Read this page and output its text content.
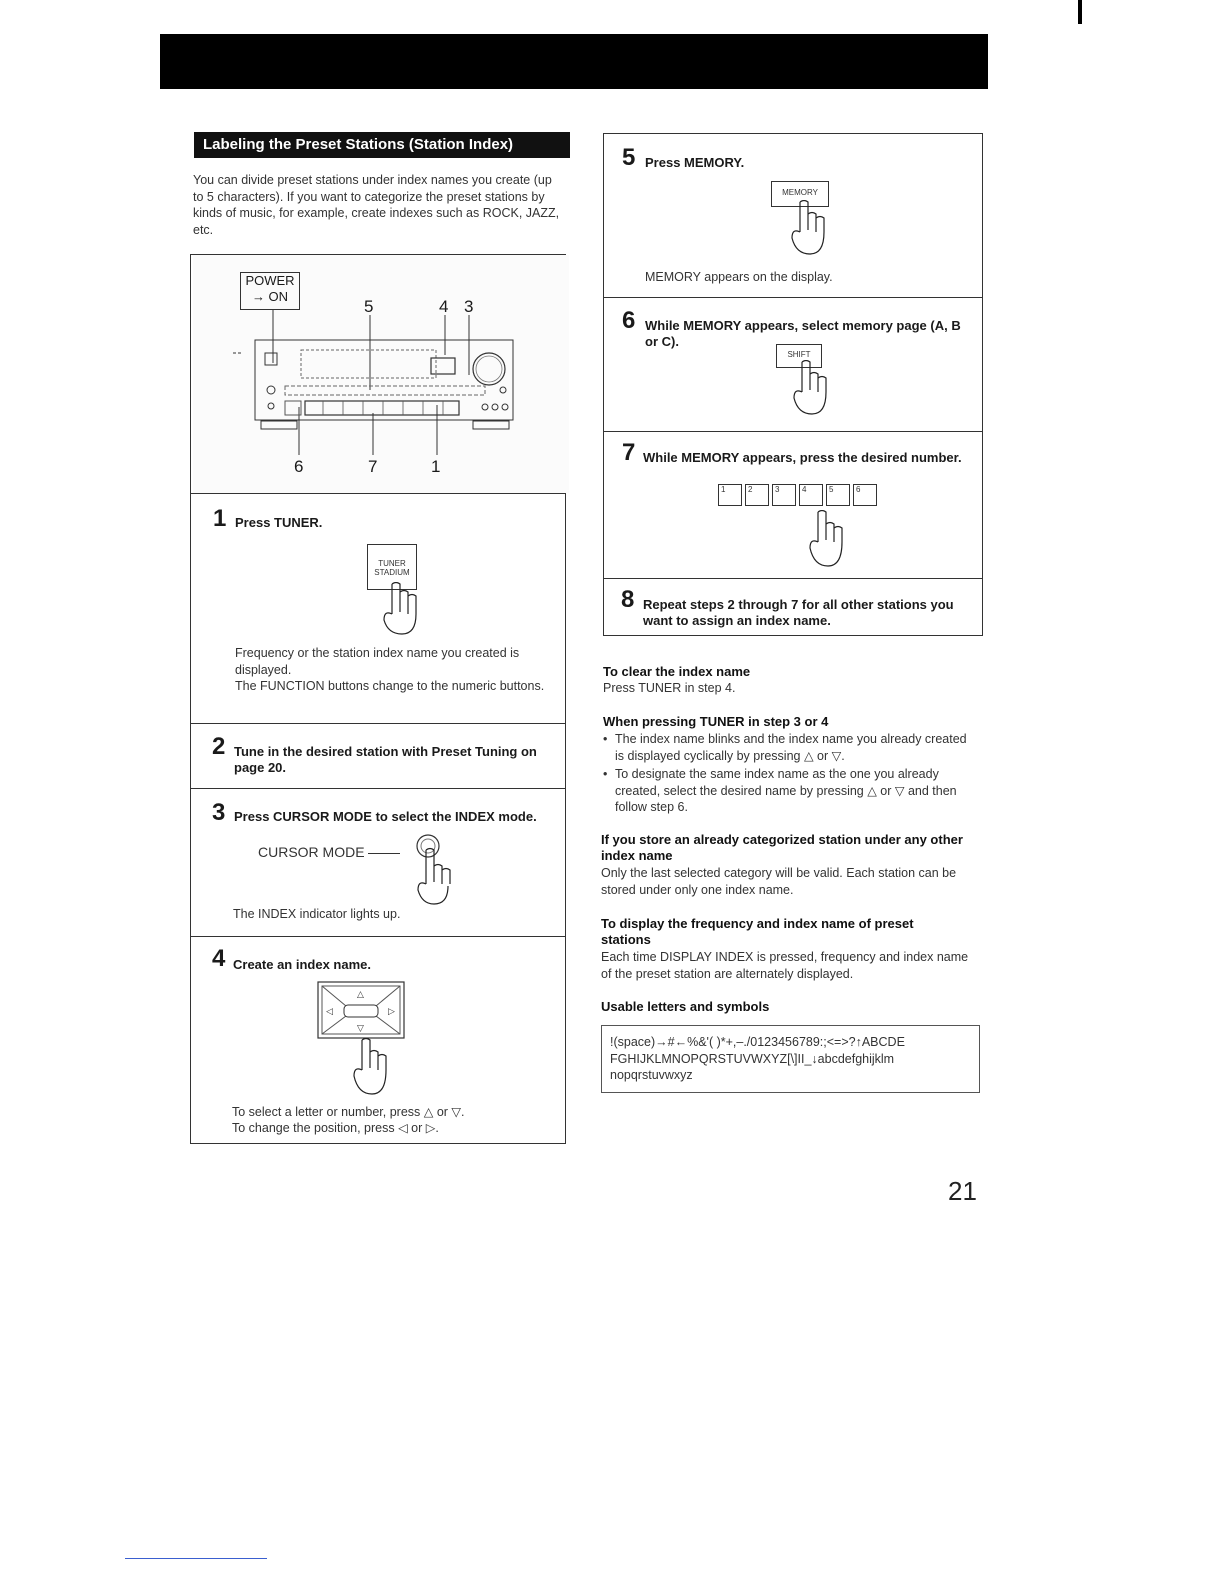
Labeling the Preset Stations (Station Index)
You can divide preset stations under index names you create (up to 5 characters). If you want to categorize the preset stations by kinds of music, for example, create indexes such as ROCK, JAZZ, etc.
POWER
→ ON
5	4 3
6	7	1
1 Press TUNER.
TUNER STADIUM
Frequency or the station index name you created is displayed.
The FUNCTION buttons change to the numeric buttons.
2 Tune in the desired station with Preset Tuning on page 20.
3 Press CURSOR MODE to select the INDEX mode.
CURSOR MODE
The INDEX indicator lights up.
4 Create an index name.
△
▽
◁	▷
To select a letter or number, press △ or ▽.
To change the position, press ◁ or ▷.
5 Press MEMORY.
MEMORY
MEMORY appears on the display.
6 While MEMORY appears, select memory page (A, B or C).
SHIFT
7 While MEMORY appears, press the desired number.
1	2	3	4	5	6
8 Repeat steps 2 through 7 for all other stations you want to assign an index name.
To clear the index name
Press TUNER in step 4.
When pressing TUNER in step 3 or 4
• The index name blinks and the index name you already created is displayed cyclically by pressing △ or ▽.
• To designate the same index name as the one you already created, select the desired name by pressing △ or ▽ and then follow step 6.
If you store an already categorized station under any other index name
Only the last selected category will be valid. Each station can be stored under only one index name.
To display the frequency and index name of preset stations
Each time DISPLAY INDEX is pressed, frequency and index name of the preset station are alternately displayed.
Usable letters and symbols
!(space)→#←%&'( )*+,–./0123456789:;<=>?↑ABCDE
FGHIJKLMNOPQRSTUVWXYZ[\]II_↓abcdefghijklm
nopqrstuvwxyz
21
